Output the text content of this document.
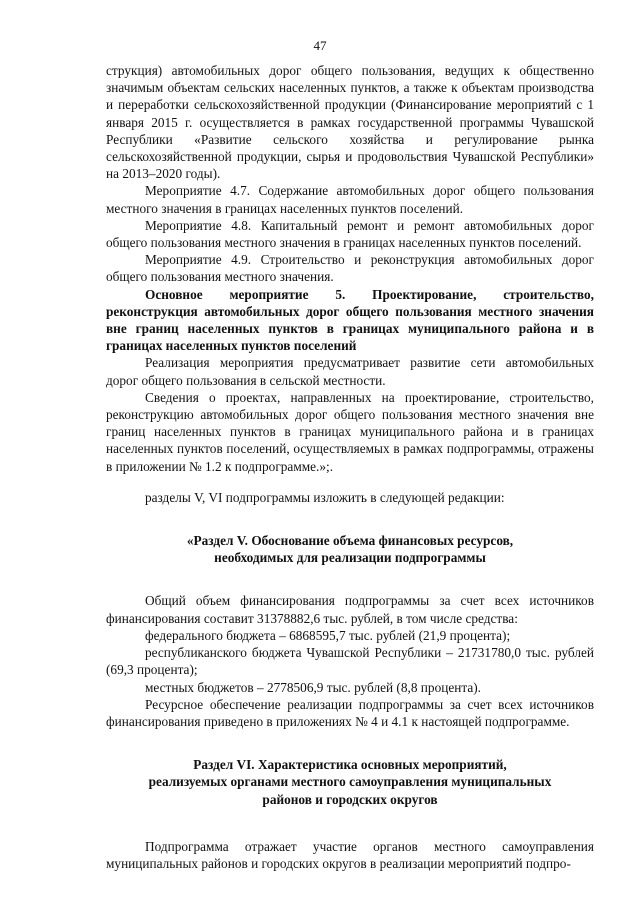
47

струкция) автомобильных дорог общего пользования, ведущих к общественно значимым объектам сельских населенных пунктов, а также к объектам производства и переработки сельскохозяйственной продукции (Финансирование мероприятий с 1 января 2015 г. осуществляется в рамках государственной программы Чувашской Республики «Развитие сельского хозяйства и регулирование рынка сельскохозяйственной продукции, сырья и продовольствия Чувашской Республики» на 2013–2020 годы).

Мероприятие 4.7. Содержание автомобильных дорог общего пользования местного значения в границах населенных пунктов поселений.

Мероприятие 4.8. Капитальный ремонт и ремонт автомобильных дорог общего пользования местного значения в границах населенных пунктов поселений.

Мероприятие 4.9. Строительство и реконструкция автомобильных дорог общего пользования местного значения.

Основное мероприятие 5. Проектирование, строительство, реконструкция автомобильных дорог общего пользования местного значения вне границ населенных пунктов в границах муниципального района и в границах населенных пунктов поселений

Реализация мероприятия предусматривает развитие сети автомобильных дорог общего пользования в сельской местности.

Сведения о проектах, направленных на проектирование, строительство, реконструкцию автомобильных дорог общего пользования местного значения вне границ населенных пунктов в границах муниципального района и в границах населенных пунктов поселений, осуществляемых в рамках подпрограммы, отражены в приложении № 1.2 к подпрограмме.»;.

разделы V, VI подпрограммы изложить в следующей редакции:

«Раздел V. Обоснование объема финансовых ресурсов,
необходимых для реализации подпрограммы

Общий объем финансирования подпрограммы за счет всех источников финансирования составит 31378882,6 тыс. рублей, в том числе средства:

федерального бюджета – 6868595,7 тыс. рублей (21,9 процента);

республиканского бюджета Чувашской Республики – 21731780,0 тыс. рублей (69,3 процента);

местных бюджетов – 2778506,9 тыс. рублей (8,8 процента).

Ресурсное обеспечение реализации подпрограммы за счет всех источников финансирования приведено в приложениях № 4 и 4.1 к настоящей подпрограмме.

Раздел VI. Характеристика основных мероприятий,
реализуемых органами местного самоуправления муниципальных
районов и городских округов

Подпрограмма отражает участие органов местного самоуправления муниципальных районов и городских округов в реализации мероприятий подпро-
